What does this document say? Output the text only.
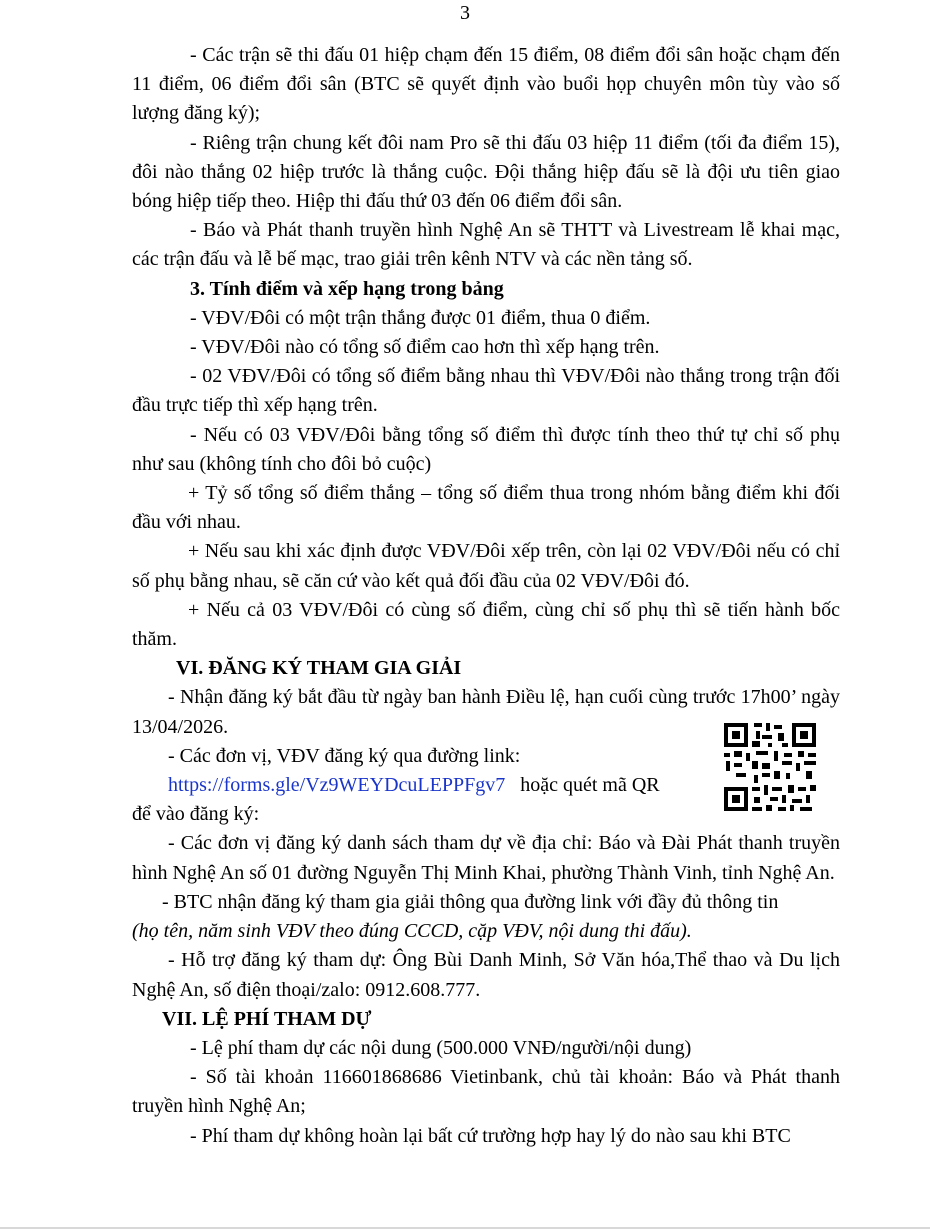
3

- Các trận sẽ thi đấu 01 hiệp chạm đến 15 điểm, 08 điểm đổi sân hoặc chạm đến 11 điểm, 06 điểm đổi sân (BTC sẽ quyết định vào buổi họp chuyên môn tùy vào số lượng đăng ký);

- Riêng trận chung kết đôi nam Pro sẽ thi đấu 03 hiệp 11 điểm (tối đa điểm 15), đôi nào thắng 02 hiệp trước là thắng cuộc. Đội thắng hiệp đấu sẽ là đội ưu tiên giao bóng hiệp tiếp theo. Hiệp thi đấu thứ 03 đến 06 điểm đổi sân.

- Báo và Phát thanh truyền hình Nghệ An sẽ THTT và Livestream lễ khai mạc, các trận đấu và lễ bế mạc, trao giải trên kênh NTV và các nền tảng số.

3. Tính điểm và xếp hạng trong bảng

- VĐV/Đôi có một trận thắng được 01 điểm, thua 0 điểm.

- VĐV/Đôi nào có tổng số điểm cao hơn thì xếp hạng trên.

- 02 VĐV/Đôi có tổng số điểm bằng nhau thì VĐV/Đôi nào thắng trong trận đối đầu trực tiếp thì xếp hạng trên.

- Nếu có 03 VĐV/Đôi bằng tổng số điểm thì được tính theo thứ tự chỉ số phụ như sau (không tính cho đôi bỏ cuộc)

+ Tỷ số tổng số điểm thắng – tổng số điểm thua trong nhóm bằng điểm khi đối đầu với nhau.

+ Nếu sau khi xác định được VĐV/Đôi xếp trên, còn lại 02 VĐV/Đôi nếu có chỉ số phụ bằng nhau, sẽ căn cứ vào kết quả đối đầu của 02 VĐV/Đôi đó.

+ Nếu cả 03 VĐV/Đôi có cùng số điểm, cùng chỉ số phụ thì sẽ tiến hành bốc thăm.

VI. ĐĂNG KÝ THAM GIA GIẢI

- Nhận đăng ký bắt đầu từ ngày ban hành Điều lệ, hạn cuối cùng trước 17h00’ ngày 13/04/2026.

- Các đơn vị, VĐV đăng ký qua đường link:

https://forms.gle/Vz9WEYDcuLEPPFgv7 hoặc quét mã QR

để vào đăng ký:

- Các đơn vị đăng ký danh sách tham dự về địa chỉ: Báo và Đài Phát thanh truyền hình Nghệ An số 01 đường Nguyễn Thị Minh Khai, phường Thành Vinh, tỉnh Nghệ An.

- BTC nhận đăng ký tham gia giải thông qua đường link với đầy đủ thông tin

(họ tên, năm sinh VĐV theo đúng CCCD, cặp VĐV, nội dung thi đấu).

- Hỗ trợ đăng ký tham dự: Ông Bùi Danh Minh, Sở Văn hóa,Thể thao và Du lịch Nghệ An, số điện thoại/zalo: 0912.608.777.

VII. LỆ PHÍ THAM DỰ

- Lệ phí tham dự các nội dung (500.000 VNĐ/người/nội dung)

- Số tài khoản 116601868686 Vietinbank, chủ tài khoản: Báo và Phát thanh truyền hình Nghệ An;

- Phí tham dự không hoàn lại bất cứ trường hợp hay lý do nào sau khi BTC
